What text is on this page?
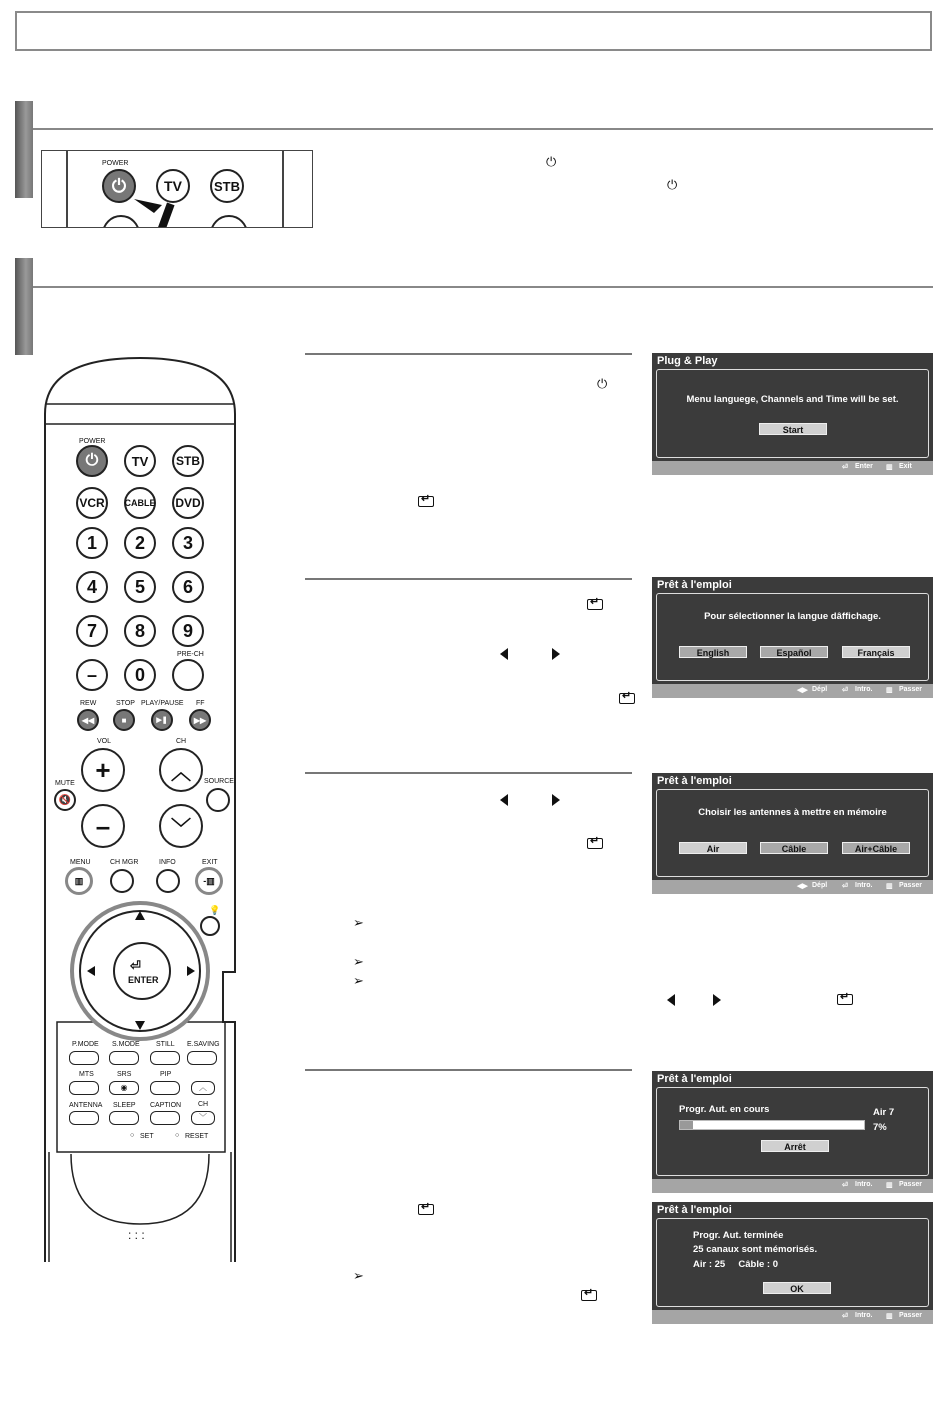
POWER
⏻	TV	STB
⏻
⏻
: : :
POWER
⏻	TV	STB
VCR	CABLE DVD
1	2	3
4	5	6
7	8	9
–	0
PRE-CH
REW
◀◀
STOP
■
PLAY/PAUSE
▶❚
FF
▶▶
VOL
+
–
CH
︿
﹀
MUTE
🔇
SOURCE
MENU
▥
CH MGR	INFO	EXIT
-▥
💡
⏎
ENTER
P.MODE S.MODE STILL E.SAVING
MTS	SRS
◉
PIP
︿
ANTENNA SLEEP CAPTION CH
﹀
○ SET	○ RESET
⏻
↵
↵
↵
↵
➢
➢
➢
↵
↵
➢
↵
Plug & Play
Menu languege, Channels and Time will be set.
Start
⏎ Enter ▥ Exit
Prêt à l'emploi
Pour sélectionner la langue dâffichage.
English	Español	Français
◀▶ Dépl ⏎ Intro. ▥ Passer
Prêt à l'emploi
Choisir les antennes à mettre en mémoire
Air	Câble	Air+Câble
◀▶ Dépl ⏎ Intro. ▥ Passer
Prêt à l'emploi
Progr. Aut. en cours	Air 7
7%
Arrêt
⏎ Intro. ▥ Passer
Prêt à l'emploi
Progr. Aut. terminée
25 canaux sont mémorisés.
Air : 25     Câble : 0
OK
⏎ Intro. ▥ Passer
